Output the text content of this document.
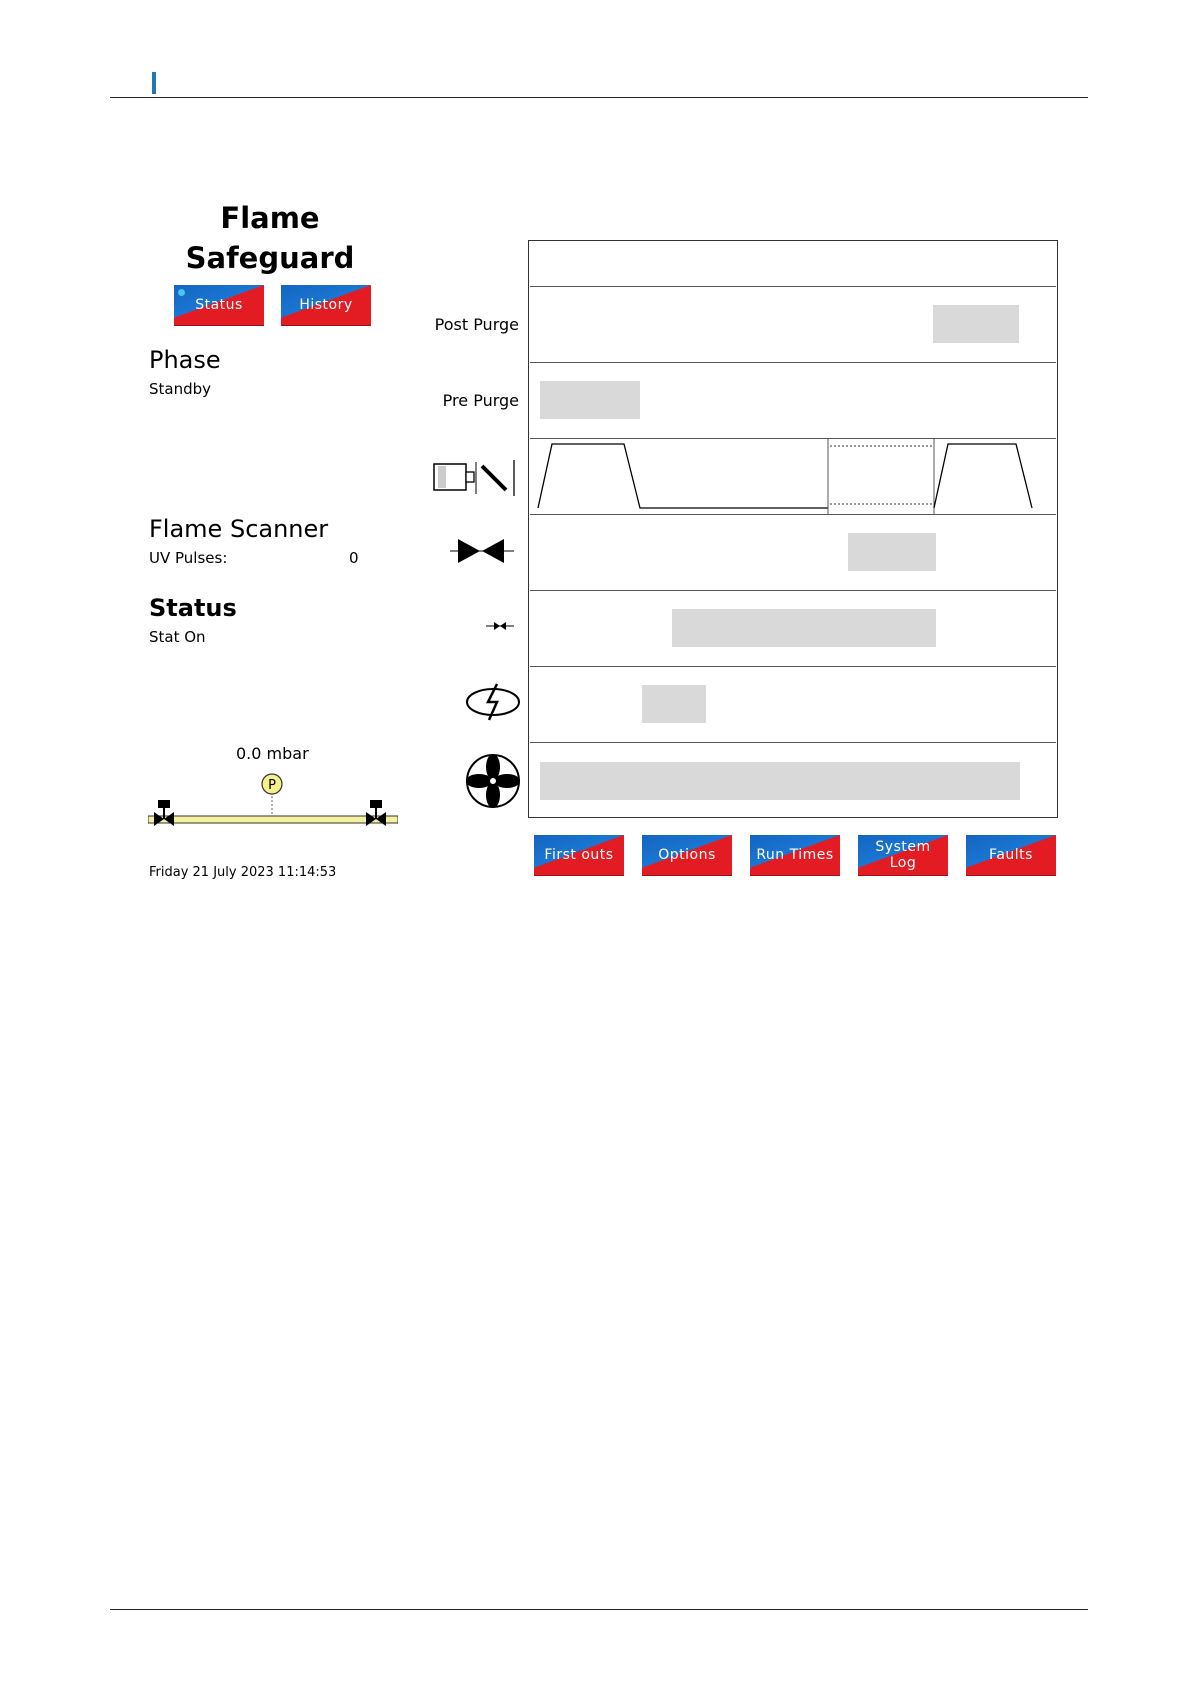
Flame
Safeguard
Status	History
Phase
Standby
Flame Scanner
UV Pulses:	0
Status
Stat On
0.0 mbar
P
Friday 21 July 2023 11:14:53
Post Purge
Pre Purge
First outs	Options	Run Times	System
Log	Faults
